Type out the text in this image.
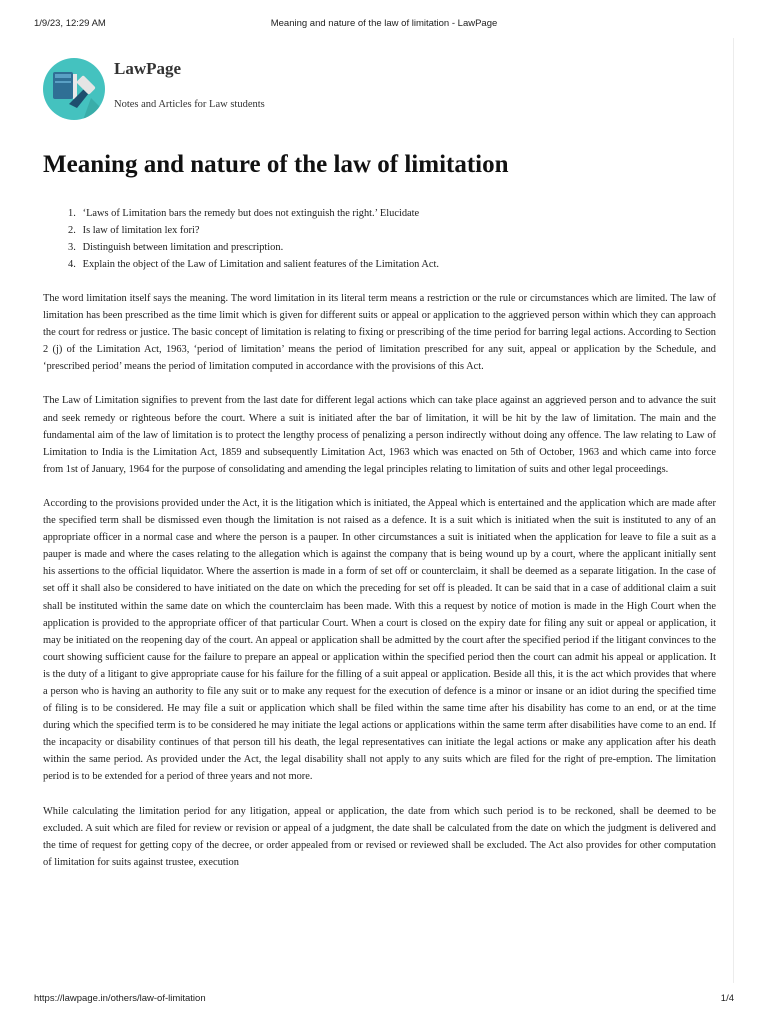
1/9/23, 12:29 AM	Meaning and nature of the law of limitation - LawPage
LawPage
Notes and Articles for Law students
Meaning and nature of the law of limitation
1.
‘Laws of Limitation bars the remedy but does not extinguish the right.’ Elucidate
2.
Is law of limitation lex fori?
3.
Distinguish between limitation and prescription.
4.
Explain the object of the Law of Limitation and salient features of the Limitation Act.

The word limitation itself says the meaning. The word limitation in its literal term means a restriction or the rule or circumstances which are limited. The law of limitation has been prescribed as the time limit which is given for different suits or appeal or application to the aggrieved person within which they can approach the court for redress or justice. The basic concept of limitation is relating to fixing or prescribing of the time period for barring legal actions. According to Section 2 (j) of the Limitation Act, 1963, ‘period of limitation’ means the period of limitation prescribed for any suit, appeal or application by the Schedule, and ‘prescribed period’ means the period of limitation computed in accordance with the provisions of this Act.

The Law of Limitation signifies to prevent from the last date for different legal actions which can take place against an aggrieved person and to advance the suit and seek remedy or righteous before the court. Where a suit is initiated after the bar of limitation, it will be hit by the law of limitation. The main and the fundamental aim of the law of limitation is to protect the lengthy process of penalizing a person indirectly without doing any offence. The law relating to Law of Limitation to India is the Limitation Act, 1859 and subsequently Limitation Act, 1963 which was enacted on 5th of October, 1963 and which came into force from 1st of January, 1964 for the purpose of consolidating and amending the legal principles relating to limitation of suits and other legal proceedings.

According to the provisions provided under the Act, it is the litigation which is initiated, the Appeal which is entertained and the application which are made after the specified term shall be dismissed even though the limitation is not raised as a defence. It is a suit which is initiated when the suit is instituted to any of an appropriate officer in a normal case and where the person is a pauper. In other circumstances a suit is initiated when the application for leave to file a suit as a pauper is made and where the cases relating to the allegation which is against the company that is being wound up by a court, where the applicant initially sent his assertions to the official liquidator. Where the assertion is made in a form of set off or counterclaim, it shall be deemed as a separate litigation. In the case of set off it shall also be considered to have initiated on the date on which the preceding for set off is pleaded. It can be said that in a case of additional claim a suit shall be instituted within the same date on which the counterclaim has been made. With this a request by notice of motion is made in the High Court when the application is provided to the appropriate officer of that particular Court. When a court is closed on the expiry date for filing any suit or appeal or application, it may be initiated on the reopening day of the court. An appeal or application shall be admitted by the court after the specified period if the litigant convinces to the court showing sufficient cause for the failure to prepare an appeal or application within the specified period then the court can admit his appeal or application. It is the duty of a litigant to give appropriate cause for his failure for the filling of a suit appeal or application. Beside all this, it is the act which provides that where a person who is having an authority to file any suit or to make any request for the execution of defence is a minor or insane or an idiot during the specified time of filing is to be considered. He may file a suit or application which shall be filed within the same time after his disability has come to an end, or at the time during which the specified term is to be considered he may initiate the legal actions or applications within the same term after disabilities have come to an end. If the incapacity or disability continues of that person till his death, the legal representatives can initiate the legal actions or make any application after his death within the same period. As provided under the Act, the legal disability shall not apply to any suits which are filed for the right of pre-emption. The limitation period is to be extended for a period of three years and not more.

While calculating the limitation period for any litigation, appeal or application, the date from which such period is to be reckoned, shall be deemed to be excluded. A suit which are filed for review or revision or appeal of a judgment, the date shall be calculated from the date on which the judgment is delivered and the time of request for getting copy of the decree, or order appealed from or revised or reviewed shall be excluded. The Act also provides for other computation of limitation for suits against trustee, execution

https://lawpage.in/others/law-of-limitation	1/4
